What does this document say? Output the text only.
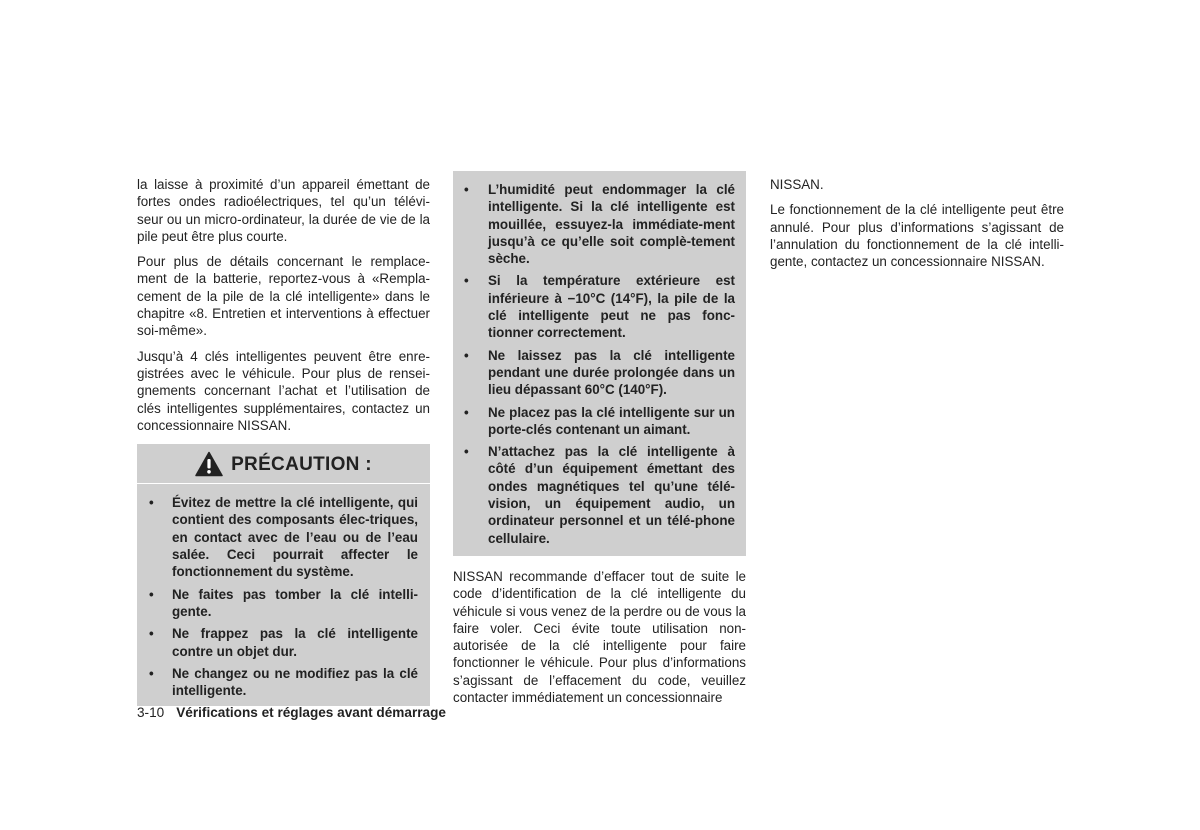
la laisse à proximité d’un appareil émettant de fortes ondes radioélectriques, tel qu’un télévi-seur ou un micro-ordinateur, la durée de vie de la pile peut être plus courte.

Pour plus de détails concernant le remplace-ment de la batterie, reportez-vous à «Rempla-cement de la pile de la clé intelligente» dans le chapitre «8. Entretien et interventions à effectuer soi-même».

Jusqu’à 4 clés intelligentes peuvent être enre-gistrées avec le véhicule. Pour plus de rensei-gnements concernant l’achat et l’utilisation de clés intelligentes supplémentaires, contactez un concessionnaire NISSAN.

PRÉCAUTION :
• Évitez de mettre la clé intelligente, qui contient des composants élec-triques, en contact avec de l’eau ou de l’eau salée. Ceci pourrait affecter le fonctionnement du système.
• Ne faites pas tomber la clé intelli-gente.
• Ne frappez pas la clé intelligente contre un objet dur.
• Ne changez ou ne modifiez pas la clé intelligente.
• L’humidité peut endommager la clé intelligente. Si la clé intelligente est mouillée, essuyez-la immédiate-ment jusqu’à ce qu’elle soit complè-tement sèche.
• Si la température extérieure est inférieure à −10°C (14°F), la pile de la clé intelligente peut ne pas fonc-tionner correctement.
• Ne laissez pas la clé intelligente pendant une durée prolongée dans un lieu dépassant 60°C (140°F).
• Ne placez pas la clé intelligente sur un porte-clés contenant un aimant.
• N’attachez pas la clé intelligente à côté d’un équipement émettant des ondes magnétiques tel qu’une télé-vision, un équipement audio, un ordinateur personnel et un télé-phone cellulaire.

NISSAN recommande d’effacer tout de suite le code d’identification de la clé intelligente du véhicule si vous venez de la perdre ou de vous la faire voler. Ceci évite toute utilisation non-autorisée de la clé intelligente pour faire fonctionner le véhicule. Pour plus d’informations s’agissant de l’effacement du code, veuillez contacter immédiatement un concessionnaire

NISSAN.

Le fonctionnement de la clé intelligente peut être annulé. Pour plus d’informations s’agissant de l’annulation du fonctionnement de la clé intelli-gente, contactez un concessionnaire NISSAN.

3-10 Vérifications et réglages avant démarrage
